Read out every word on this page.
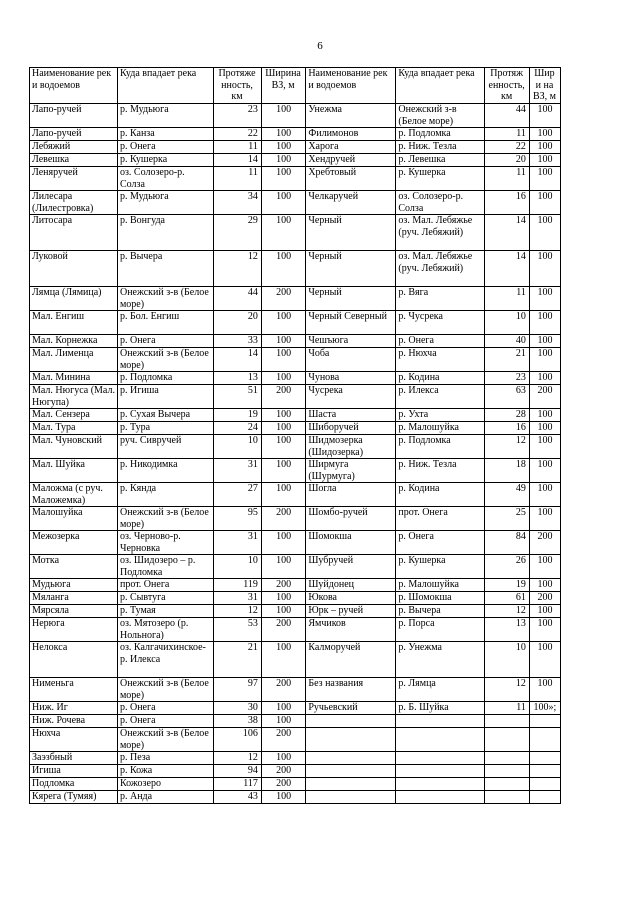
6
Наименование рек и водоемов	Куда впадает река	Протяже нность, км	Ширина ВЗ, м	Наименование рек и водоемов	Куда впадает река	Протяж енность, км	Шири на ВЗ, м
Лапо-ручей	р. Мудьюга	23	100	Унежма	Онежский з-в (Белое море)	44	100
Лапо-ручей	р. Канза	22	100	Филимонов	р. Подломка	11	100
Лебяжий	р. Онега	11	100	Харога	р. Ниж. Тезла	22	100
Левешка	р. Кушерка	14	100	Хендручей	р. Левешка	20	100
Леняручей	оз. Солозеро-р. Солза	11	100	Хребтовый	р. Кушерка	11	100
Лилесара (Лилестровка)	р. Мудьюга	34	100	Челкаручей	оз. Солозеро-р. Солза	16	100
Литосара	р. Вонгуда	29	100	Черный	оз. Мал. Лебяжье (руч. Лебяжий)	14	100
Луковой	р. Вычера	12	100	Черный	оз. Мал. Лебяжье (руч. Лебяжий)	14	100
Лямца (Лямица)	Онежский з-в (Белое море)	44	200	Черный	р. Вяга	11	100
Мал. Енгиш	р. Бол. Енгиш	20	100	Черный Северный	р. Чусрека	10	100
Мал. Корнежка	р. Онега	33	100	Чешъюга	р. Онега	40	100
Мал. Лименца	Онежский з-в (Белое море)	14	100	Чоба	р. Нюхча	21	100
Мал. Минина	р. Подломка	13	100	Чунова	р. Кодина	23	100
Мал. Нюгуса (Мал. Нюгупа)	р. Игиша	51	200	Чусрека	р. Илекса	63	200
Мал. Сензера	р. Сухая Вычера	19	100	Шаста	р. Ухта	28	100
Мал. Тура	р. Тура	24	100	Шиборучей	р. Малошуйка	16	100
Мал. Чуновский	руч. Сивручей	10	100	Шидмозерка (Шидозерка)	р. Подломка	12	100
Мал. Шуйка	р. Никодимка	31	100	Ширмуга (Шурмуга)	р. Ниж. Тезла	18	100
Маложма (с руч. Маложемка)	р. Кянда	27	100	Шогла	р. Кодина	49	100
Малошуйка	Онежский з-в (Белое море)	95	200	Шомбо-ручей	прот. Онега	25	100
Межозерка	оз. Черново-р. Черновка	31	100	Шомокша	р. Онега	84	200
Мотка	оз. Шидозеро – р. Подломка	10	100	Шубручей	р. Кушерка	26	100
Мудьюга	прот. Онега	119	200	Шуйдонец	р. Малошуйка	19	100
Мяланга	р. Сывтуга	31	100	Юкова	р. Шомокша	61	200
Мярсяла	р. Тумая	12	100	Юрк – ручей	р. Вычера	12	100
Нерюга	оз. Мятозеро (р. Нольнога)	53	200	Ямчиков	р. Порса	13	100
Нелокса	оз. Калгачихинское-р. Илекса	21	100	Калморучей	р. Унежма	10	100
Нименьга	Онежский з-в (Белое море)	97	200	Без названия	р. Лямца	12	100
Ниж. Иг	р. Онега	30	100	Ручьевский	р. Б. Шуйка	11	100»;
Ниж. Рочева	р. Онега	38	100				
Нюхча	Онежский з-в (Белое море)	106	200				
Заэзбный	р. Пеза	12	100				
Игиша	р. Кожа	94	200				
Подломка	Кожозеро	117	200				
Кярега (Тумяя)	р. Анда	43	100				
